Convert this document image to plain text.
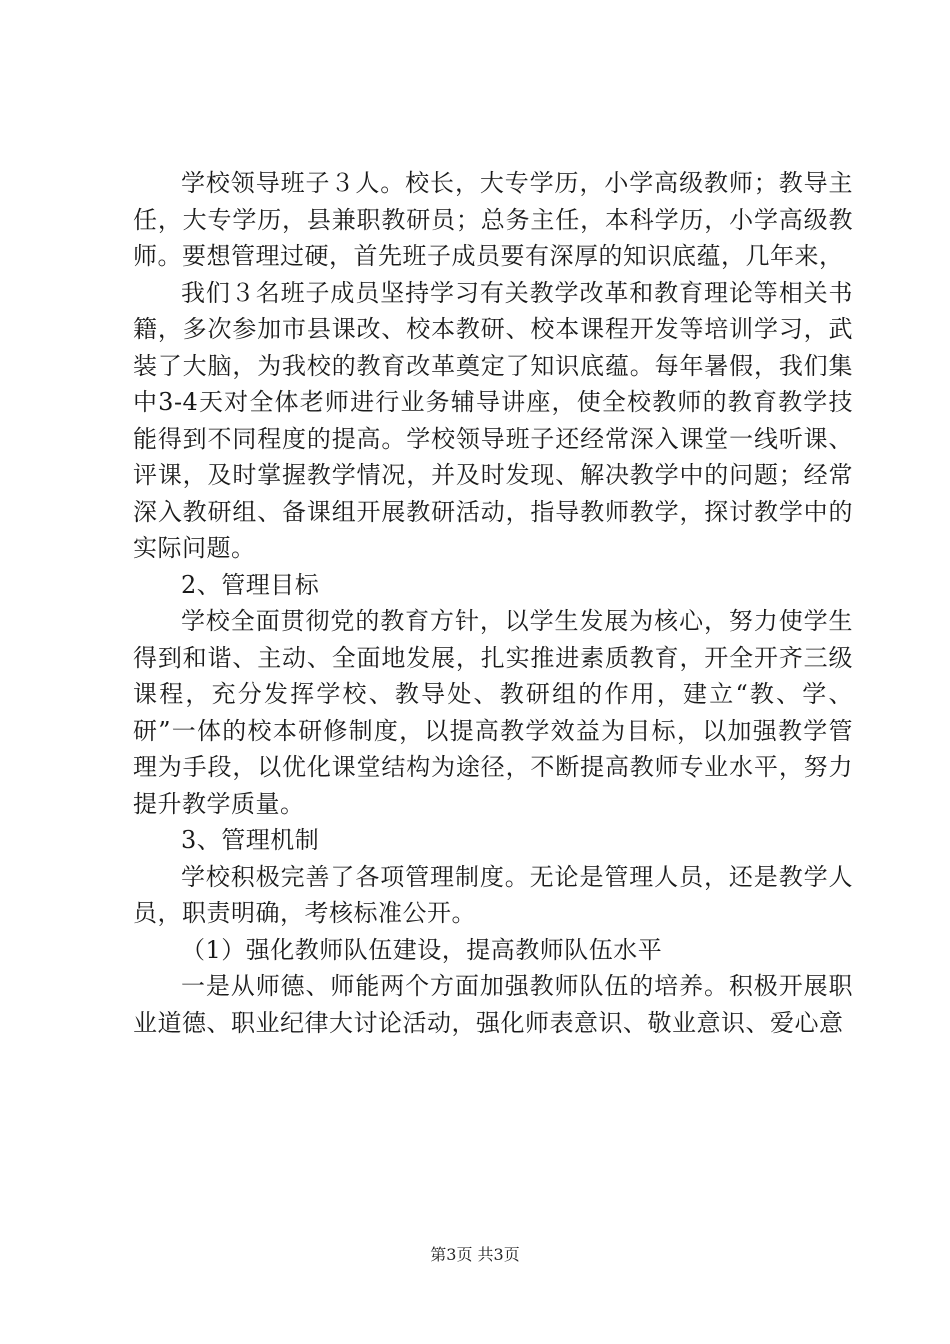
学校领导班子３人。校长，大专学历，小学高级教师；教导主任，大专学历，县兼职教研员；总务主任，本科学历，小学高级教师。要想管理过硬，首先班子成员要有深厚的知识底蕴，几年来，

我们３名班子成员坚持学习有关教学改革和教育理论等相关书籍，多次参加市县课改、校本教研、校本课程开发等培训学习，武装了大脑，为我校的教育改革奠定了知识底蕴。每年暑假，我们集中3-4天对全体老师进行业务辅导讲座，使全校教师的教育教学技能得到不同程度的提高。学校领导班子还经常深入课堂一线听课、评课，及时掌握教学情况，并及时发现、解决教学中的问题；经常深入教研组、备课组开展教研活动，指导教师教学，探讨教学中的实际问题。

2、管理目标

学校全面贯彻党的教育方针，以学生发展为核心，努力使学生得到和谐、主动、全面地发展，扎实推进素质教育，开全开齐三级课程，充分发挥学校、教导处、教研组的作用，建立“教、学、研”一体的校本研修制度，以提高教学效益为目标，以加强教学管理为手段，以优化课堂结构为途径，不断提高教师专业水平，努力提升教学质量。

3、管理机制

学校积极完善了各项管理制度。无论是管理人员，还是教学人员，职责明确，考核标准公开。

（1）强化教师队伍建设，提高教师队伍水平

一是从师德、师能两个方面加强教师队伍的培养。积极开展职业道德、职业纪律大讨论活动，强化师表意识、敬业意识、爱心意

第3页 共3页
